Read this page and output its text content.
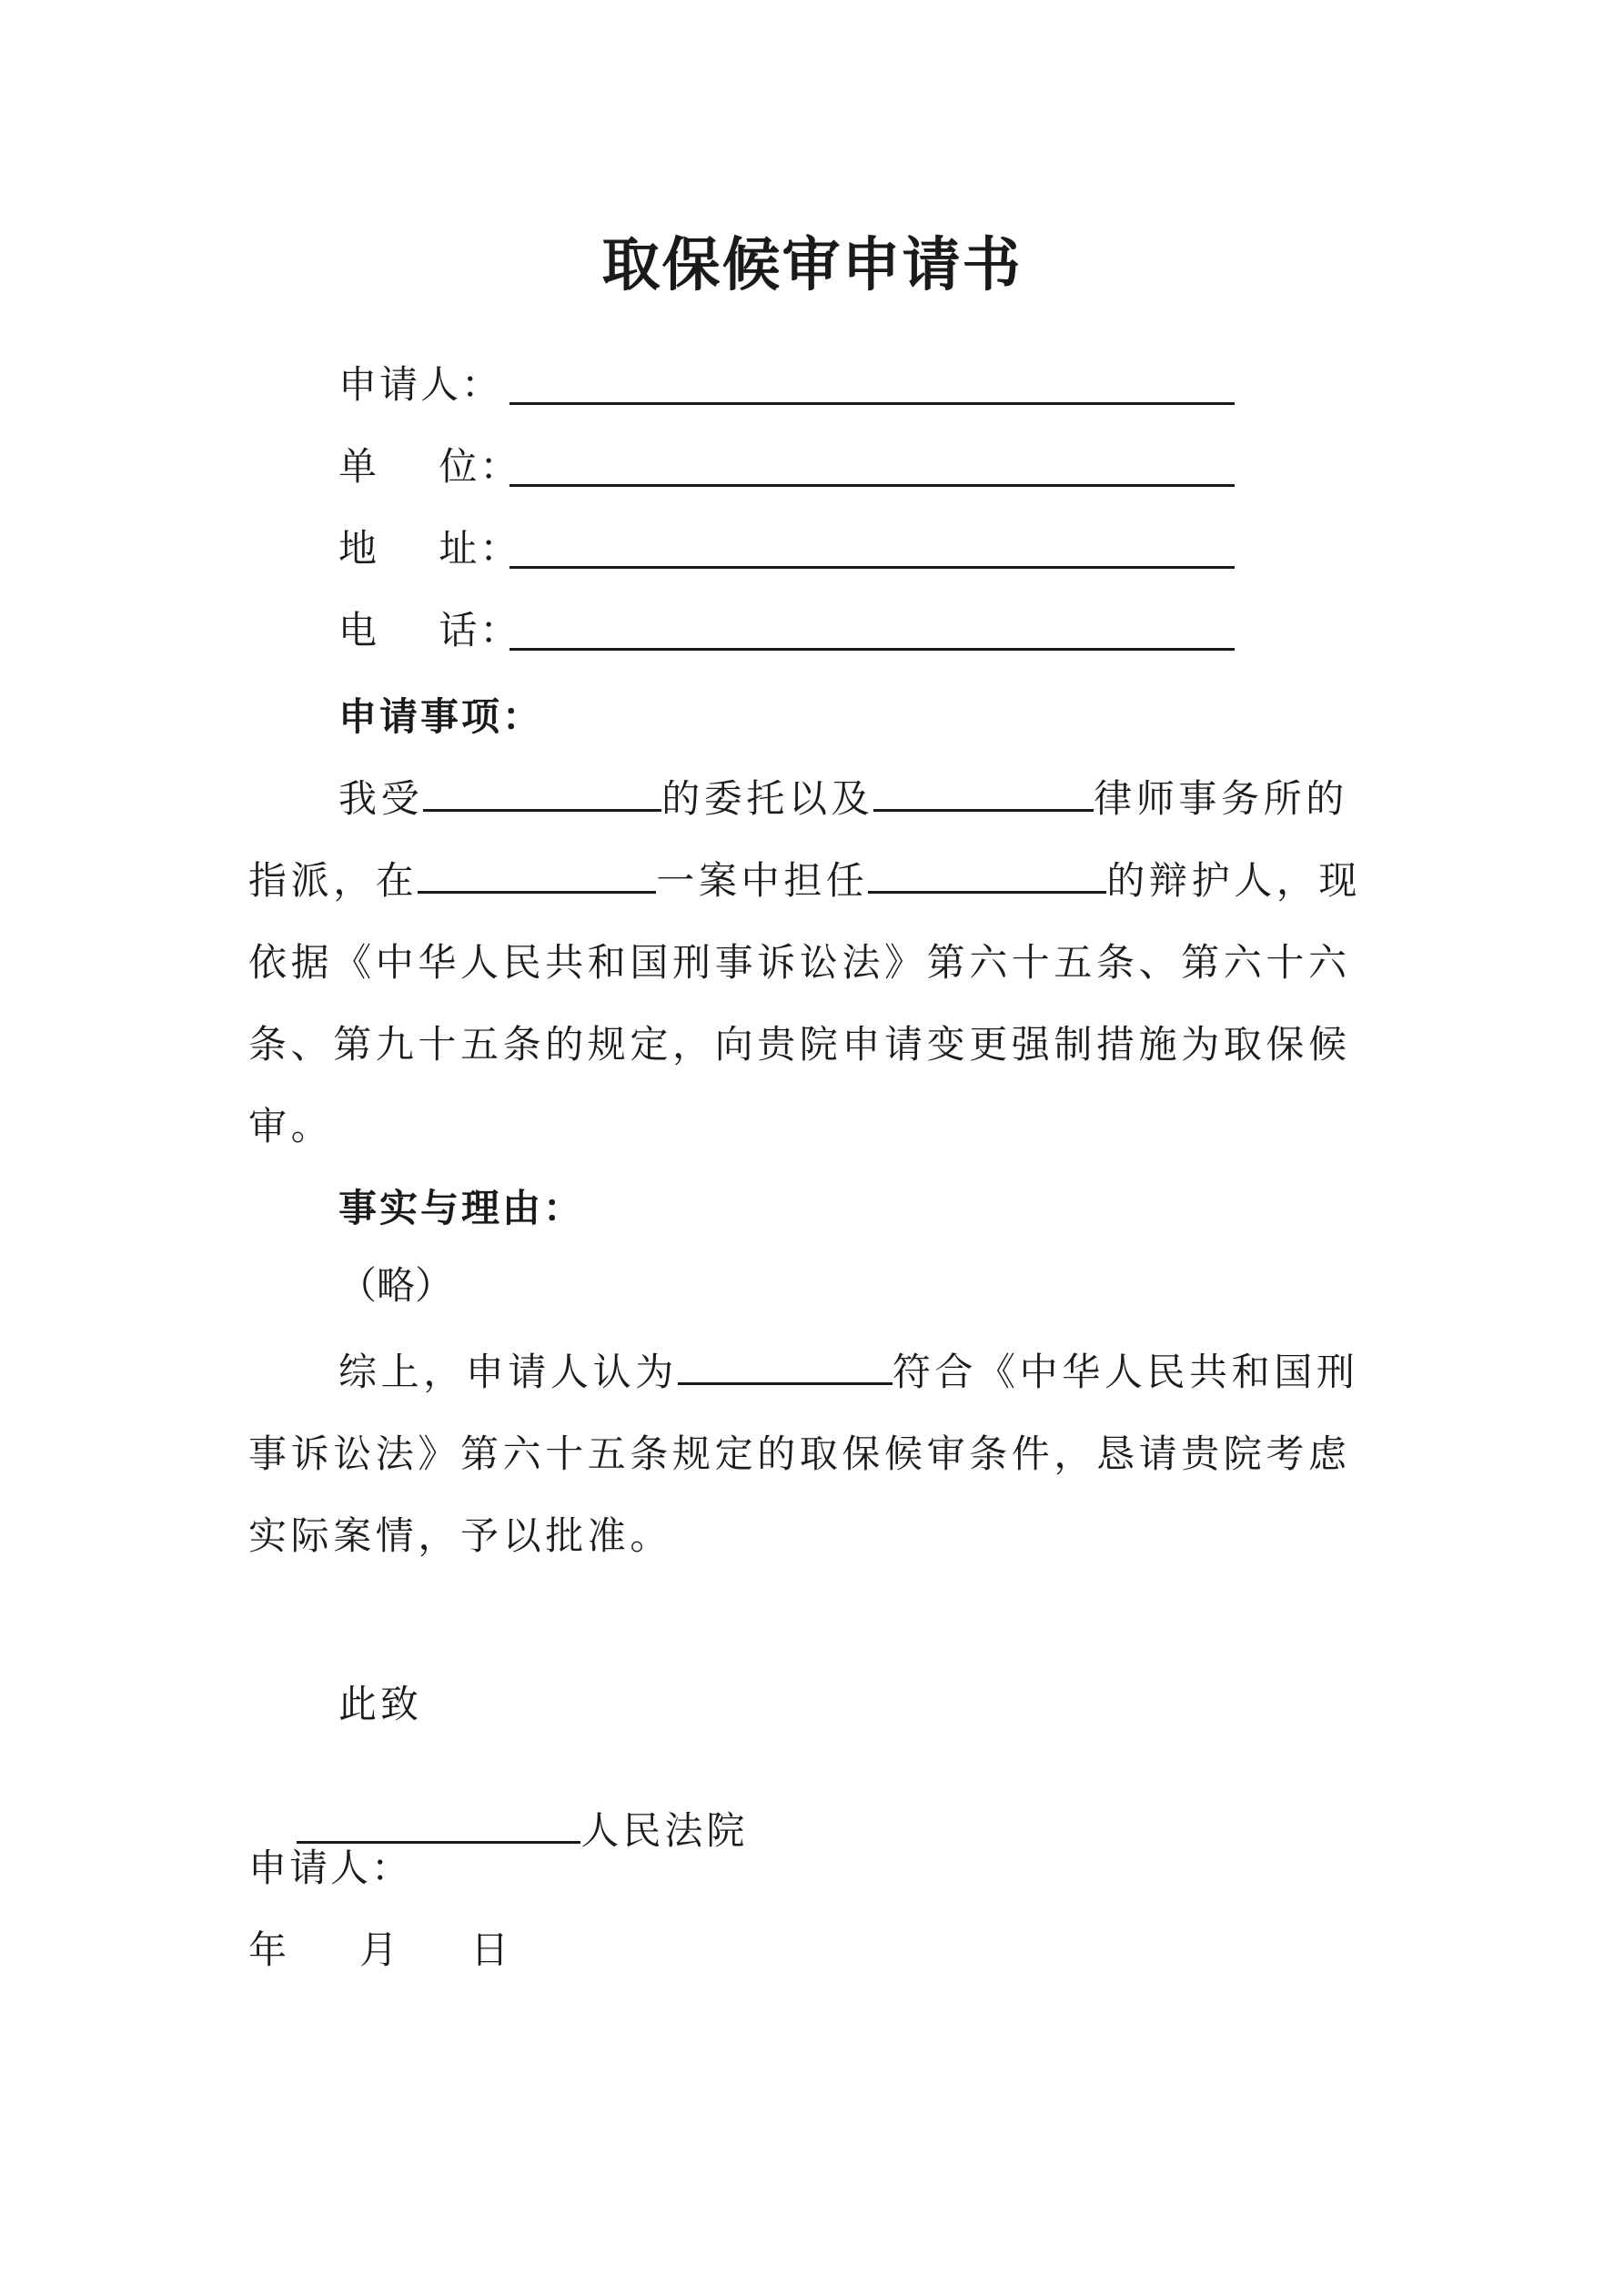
取保候审申请书
申请人：
单    位：
地    址：
电    话：
申请事项：
我受	的委托以及	律师事务所的
指派，在	一案中担任	的辩护人，现
依据《中华人民共和国刑事诉讼法》第六十五条、第六十六
条、第九十五条的规定，向贵院申请变更强制措施为取保候
审。
事实与理由：
（略）
综上，申请人认为	符合《中华人民共和国刑
事诉讼法》第六十五条规定的取保候审条件，恳请贵院考虑
实际案情，予以批准。
此致

人民法院

申请人：
年      月      日
